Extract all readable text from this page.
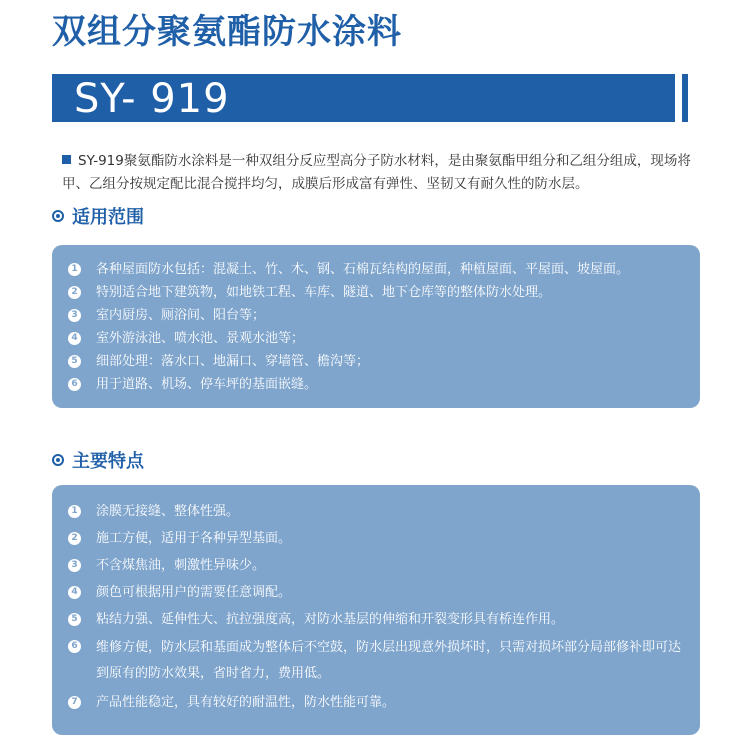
双组分聚氨酯防水涂料
SY- 919
SY-919聚氨酯防水涂料是一种双组分反应型高分子防水材料，是由聚氨酯甲组分和乙组分组成，现场将甲、乙组分按规定配比混合搅拌均匀，成膜后形成富有弹性、坚韧又有耐久性的防水层。
适用范围
1 各种屋面防水包括：混凝土、竹、木、钢、石棉瓦结构的屋面，种植屋面、平屋面、坡屋面。
2 特别适合地下建筑物，如地铁工程、车库、隧道、地下仓库等的整体防水处理。
3 室内厨房、厕浴间、阳台等；
4 室外游泳池、喷水池、景观水池等；
5 细部处理：落水口、地漏口、穿墙管、檐沟等；
6 用于道路、机场、停车坪的基面嵌缝。
主要特点
1 涂膜无接缝、整体性强。
2 施工方便，适用于各种异型基面。
3 不含煤焦油，刺激性异味少。
4 颜色可根据用户的需要任意调配。
5 粘结力强、延伸性大、抗拉强度高，对防水基层的伸缩和开裂变形具有桥连作用。
6 维修方便，防水层和基面成为整体后不空鼓，防水层出现意外损坏时，只需对损坏部分局部修补即可达到原有的防水效果，省时省力，费用低。
7 产品性能稳定，具有较好的耐温性，防水性能可靠。
